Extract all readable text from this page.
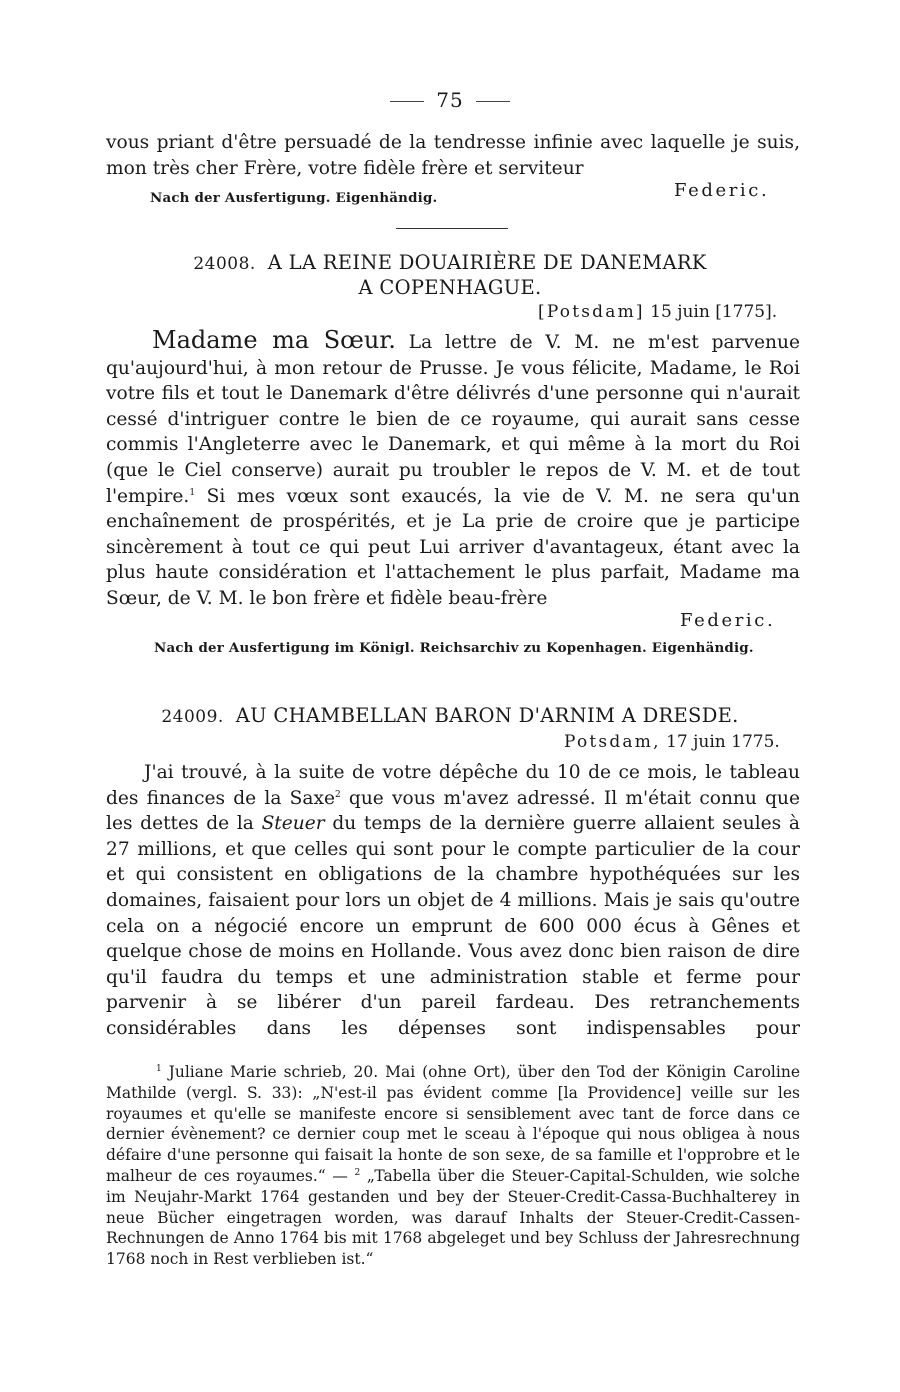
75

vous priant d'être persuadé de la tendresse infinie avec laquelle je suis, mon très cher Frère, votre fidèle frère et serviteur

Nach der Ausfertigung. Eigenhändig.	Federic.
24008. A LA REINE DOUAIRIÈRE DE DANEMARK
A COPENHAGUE.
[Potsdam] 15 juin [1775].

Madame ma Sœur. La lettre de V. M. ne m'est parvenue qu'aujourd'hui, à mon retour de Prusse. Je vous félicite, Madame, le Roi votre fils et tout le Danemark d'être délivrés d'une personne qui n'aurait cessé d'intriguer contre le bien de ce royaume, qui aurait sans cesse commis l'Angleterre avec le Danemark, et qui même à la mort du Roi (que le Ciel conserve) aurait pu troubler le repos de V. M. et de tout l'empire.$^1$ Si mes vœux sont exaucés, la vie de V. M. ne sera qu'un enchaînement de prospérités, et je La prie de croire que je participe sincèrement à tout ce qui peut Lui arriver d'avantageux, étant avec la plus haute considération et l'attachement le plus parfait, Madame ma Sœur, de V. M. le bon frère et fidèle beau-frère

Federic.
Nach der Ausfertigung im Königl. Reichsarchiv zu Kopenhagen. Eigenhändig.
24009. AU CHAMBELLAN BARON D'ARNIM A DRESDE.
Potsdam, 17 juin 1775.

J'ai trouvé, à la suite de votre dépêche du 10 de ce mois, le tableau des finances de la Saxe$^2$ que vous m'avez adressé. Il m'était connu que les dettes de la Steuer du temps de la dernière guerre allaient seules à 27 millions, et que celles qui sont pour le compte particulier de la cour et qui consistent en obligations de la chambre hypothéquées sur les domaines, faisaient pour lors un objet de 4 millions. Mais je sais qu'outre cela on a négocié encore un emprunt de 600 000 écus à Gênes et quelque chose de moins en Hollande. Vous avez donc bien raison de dire qu'il faudra du temps et une administration stable et ferme pour parvenir à se libérer d'un pareil fardeau. Des retranchements considérables dans les dépenses sont indispensables pour

$^1$ Juliane Marie schrieb, 20. Mai (ohne Ort), über den Tod der Königin Caroline Mathilde (vergl. S. 33): „N'est-il pas évident comme [la Providence] veille sur les royaumes et qu'elle se manifeste encore si sensiblement avec tant de force dans ce dernier évènement? ce dernier coup met le sceau à l'époque qui nous obligea à nous défaire d'une personne qui faisait la honte de son sexe, de sa famille et l'opprobre et le malheur de ces royaumes.“ — $^2$ „Tabella über die Steuer-Capital-Schulden, wie solche im Neujahr-Markt 1764 gestanden und bey der Steuer-Credit-Cassa-Buchhalterey in neue Bücher eingetragen worden, was darauf Inhalts der Steuer-Credit-Cassen-Rechnungen de Anno 1764 bis mit 1768 abgeleget und bey Schluss der Jahresrechnung 1768 noch in Rest verblieben ist.“
